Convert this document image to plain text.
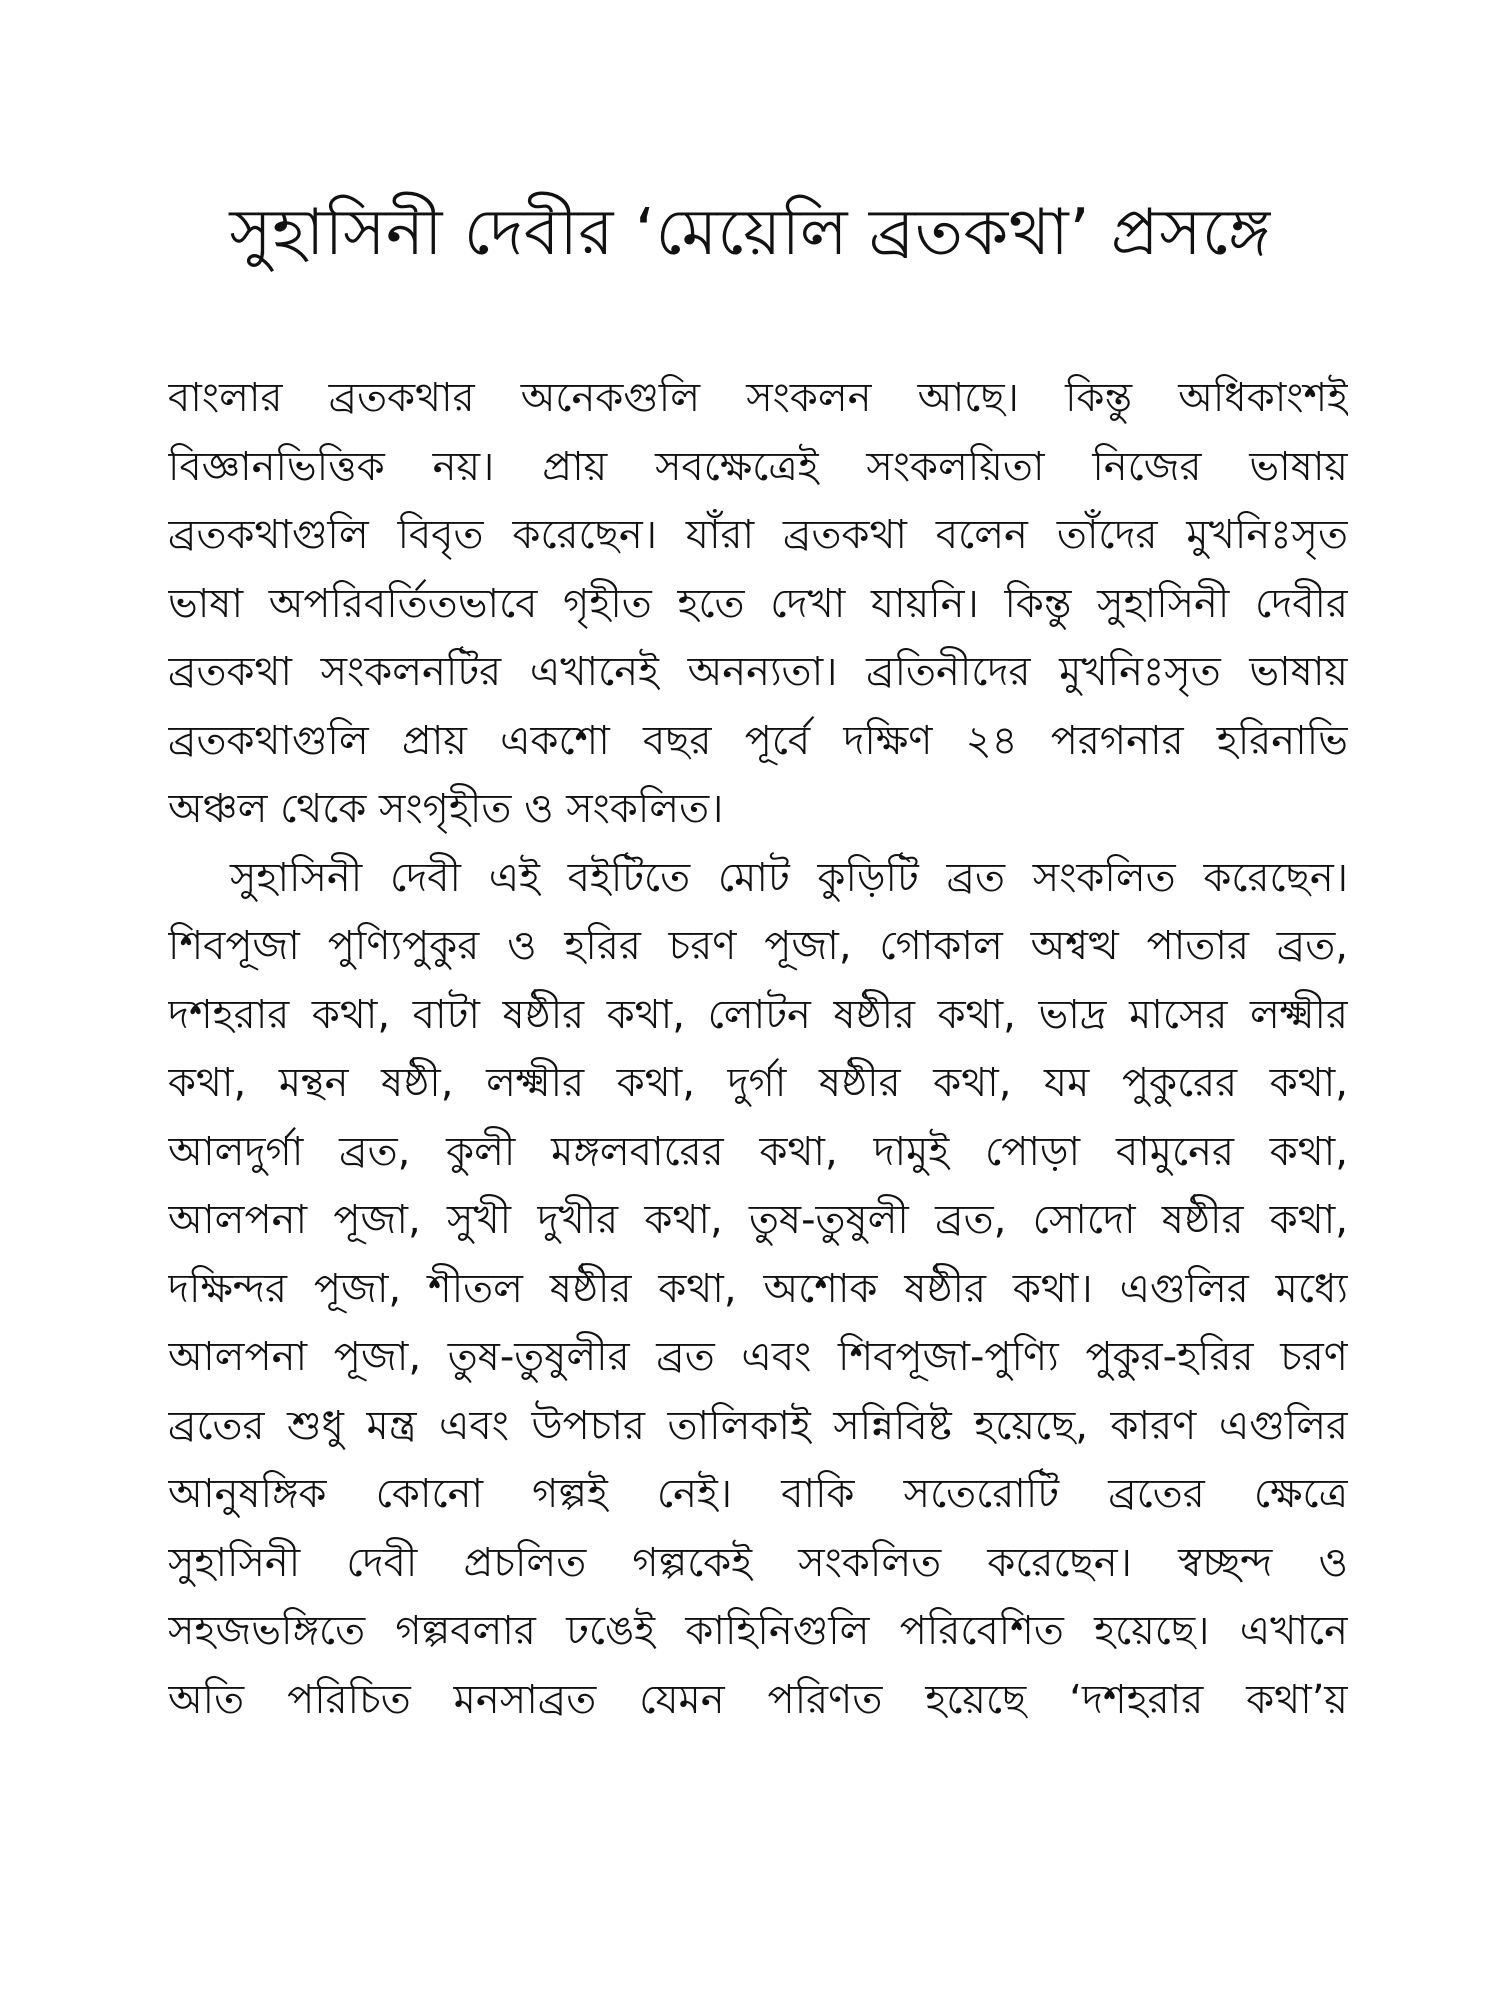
সুহাসিনী দেবীর ‘মেয়েলি ব্রতকথা’ প্রসঙ্গে
বাংলার ব্রতকথার অনেকগুলি সংকলন আছে। কিন্তু অধিকাংশই
বিজ্ঞানভিত্তিক নয়। প্রায় সবক্ষেত্রেই সংকলয়িতা নিজের ভাষায়
ব্রতকথাগুলি বিবৃত করেছেন। যাঁরা ব্রতকথা বলেন তাঁদের মুখনিঃসৃত
ভাষা অপরিবর্তিতভাবে গৃহীত হতে দেখা যায়নি। কিন্তু সুহাসিনী দেবীর
ব্রতকথা সংকলনটির এখানেই অনন্যতা। ব্রতিনীদের মুখনিঃসৃত ভাষায়
ব্রতকথাগুলি প্রায় একশো বছর পূর্বে দক্ষিণ ২৪ পরগনার হরিনাভি
অঞ্চল থেকে সংগৃহীত ও সংকলিত।
সুহাসিনী দেবী এই বইটিতে মোট কুড়িটি ব্রত সংকলিত করেছেন।
শিবপূজা পুণ্যিপুকুর ও হরির চরণ পূজা, গোকাল অশ্বত্থ পাতার ব্রত,
দশহরার কথা, বাটা ষষ্ঠীর কথা, লোটন ষষ্ঠীর কথা, ভাদ্র মাসের লক্ষ্মীর
কথা, মন্থন ষষ্ঠী, লক্ষ্মীর কথা, দুর্গা ষষ্ঠীর কথা, যম পুকুরের কথা,
আলদুর্গা ব্রত, কুলী মঙ্গলবারের কথা, দামুই পোড়া বামুনের কথা,
আলপনা পূজা, সুখী দুখীর কথা, তুষ-তুষুলী ব্রত, সোদো ষষ্ঠীর কথা,
দক্ষিন্দর পূজা, শীতল ষষ্ঠীর কথা, অশোক ষষ্ঠীর কথা। এগুলির মধ্যে
আলপনা পূজা, তুষ-তুষুলীর ব্রত এবং শিবপূজা-পুণ্যি পুকুর-হরির চরণ
ব্রতের শুধু মন্ত্র এবং উপচার তালিকাই সন্নিবিষ্ট হয়েছে, কারণ এগুলির
আনুষঙ্গিক কোনো গল্পই নেই। বাকি সতেরোটি ব্রতের ক্ষেত্রে
সুহাসিনী দেবী প্রচলিত গল্পকেই সংকলিত করেছেন। স্বচ্ছন্দ ও
সহজভঙ্গিতে গল্পবলার ঢঙেই কাহিনিগুলি পরিবেশিত হয়েছে। এখানে
অতি পরিচিত মনসাব্রত যেমন পরিণত হয়েছে ‘দশহরার কথা’য়
